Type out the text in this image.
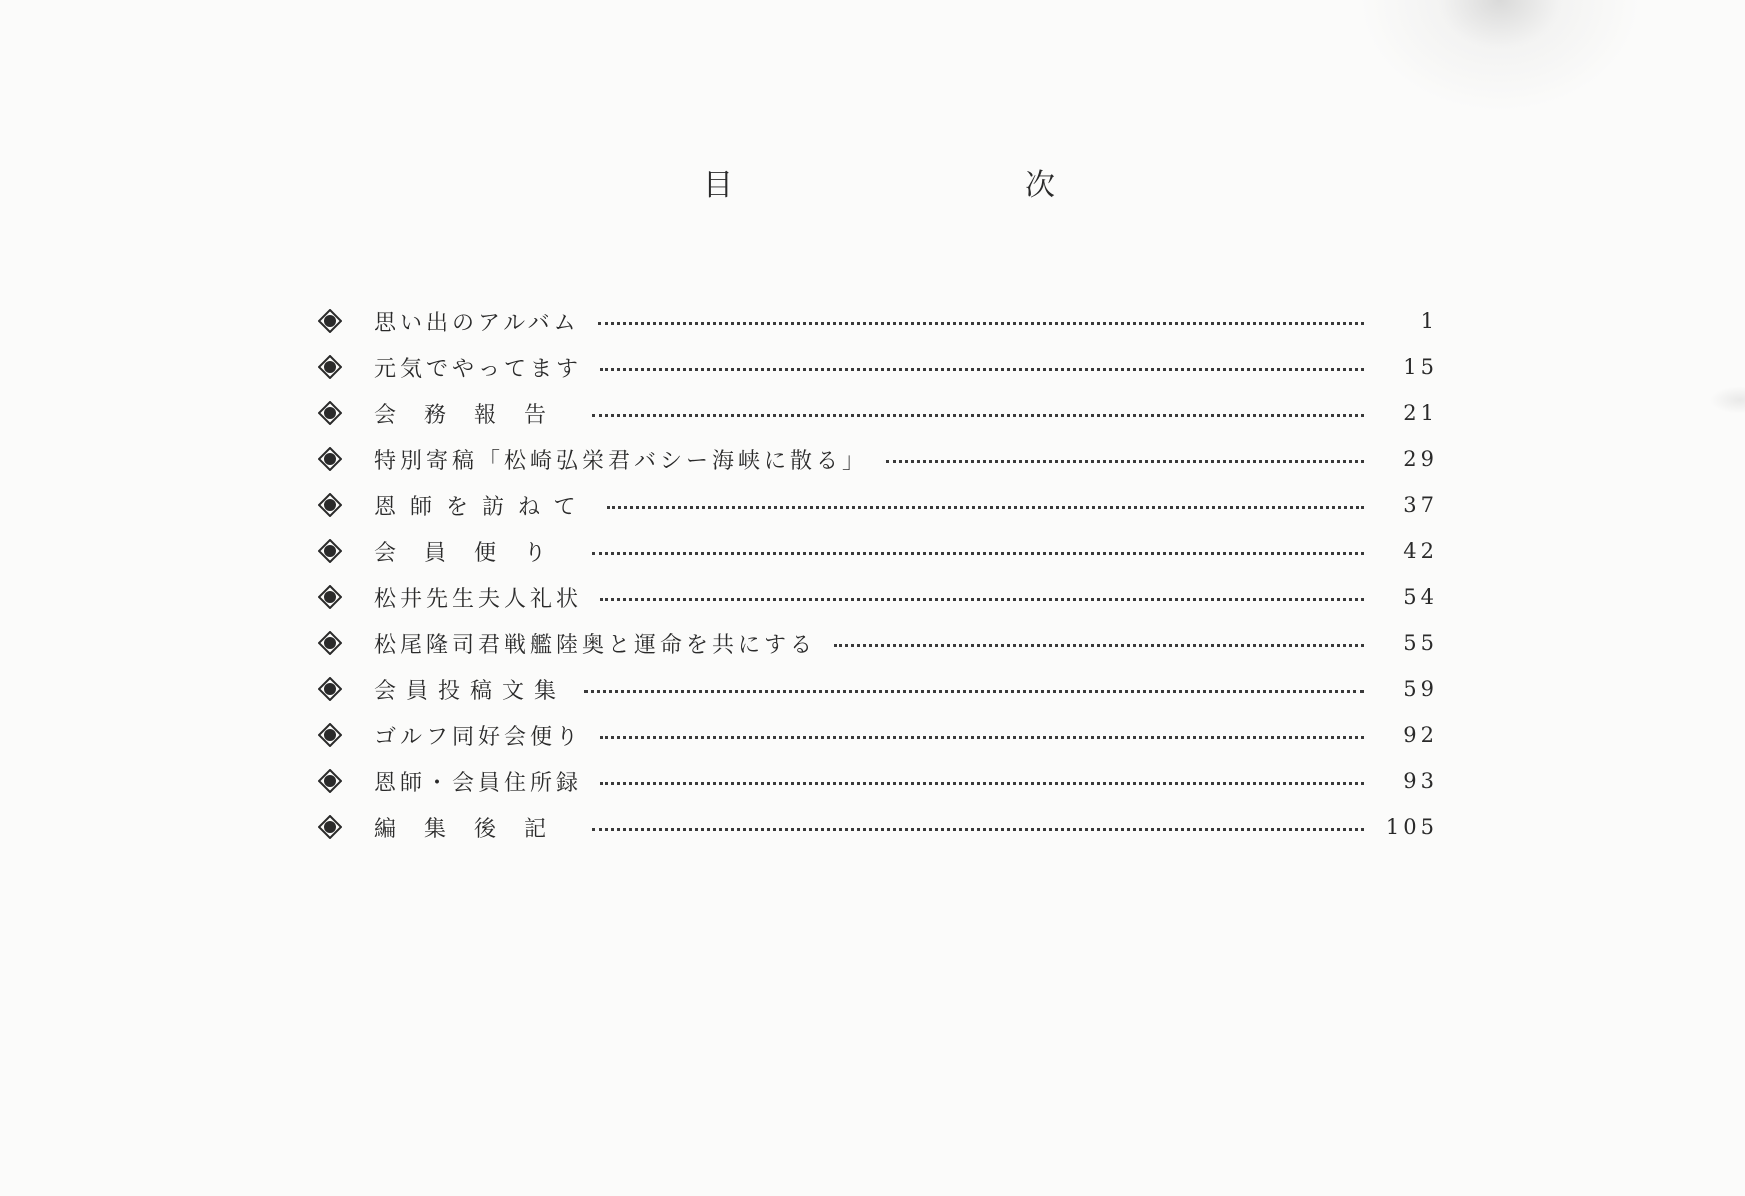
目	次
思い出のアルバム	1
元気でやってます	15
会務報告	21
特別寄稿「松崎弘栄君バシー海峡に散る」	29
恩師を訪ねて	37
会員便り	42
松井先生夫人礼状	54
松尾隆司君戦艦陸奥と運命を共にする	55
会員投稿文集	59
ゴルフ同好会便り	92
恩師・会員住所録	93
編集後記	105
